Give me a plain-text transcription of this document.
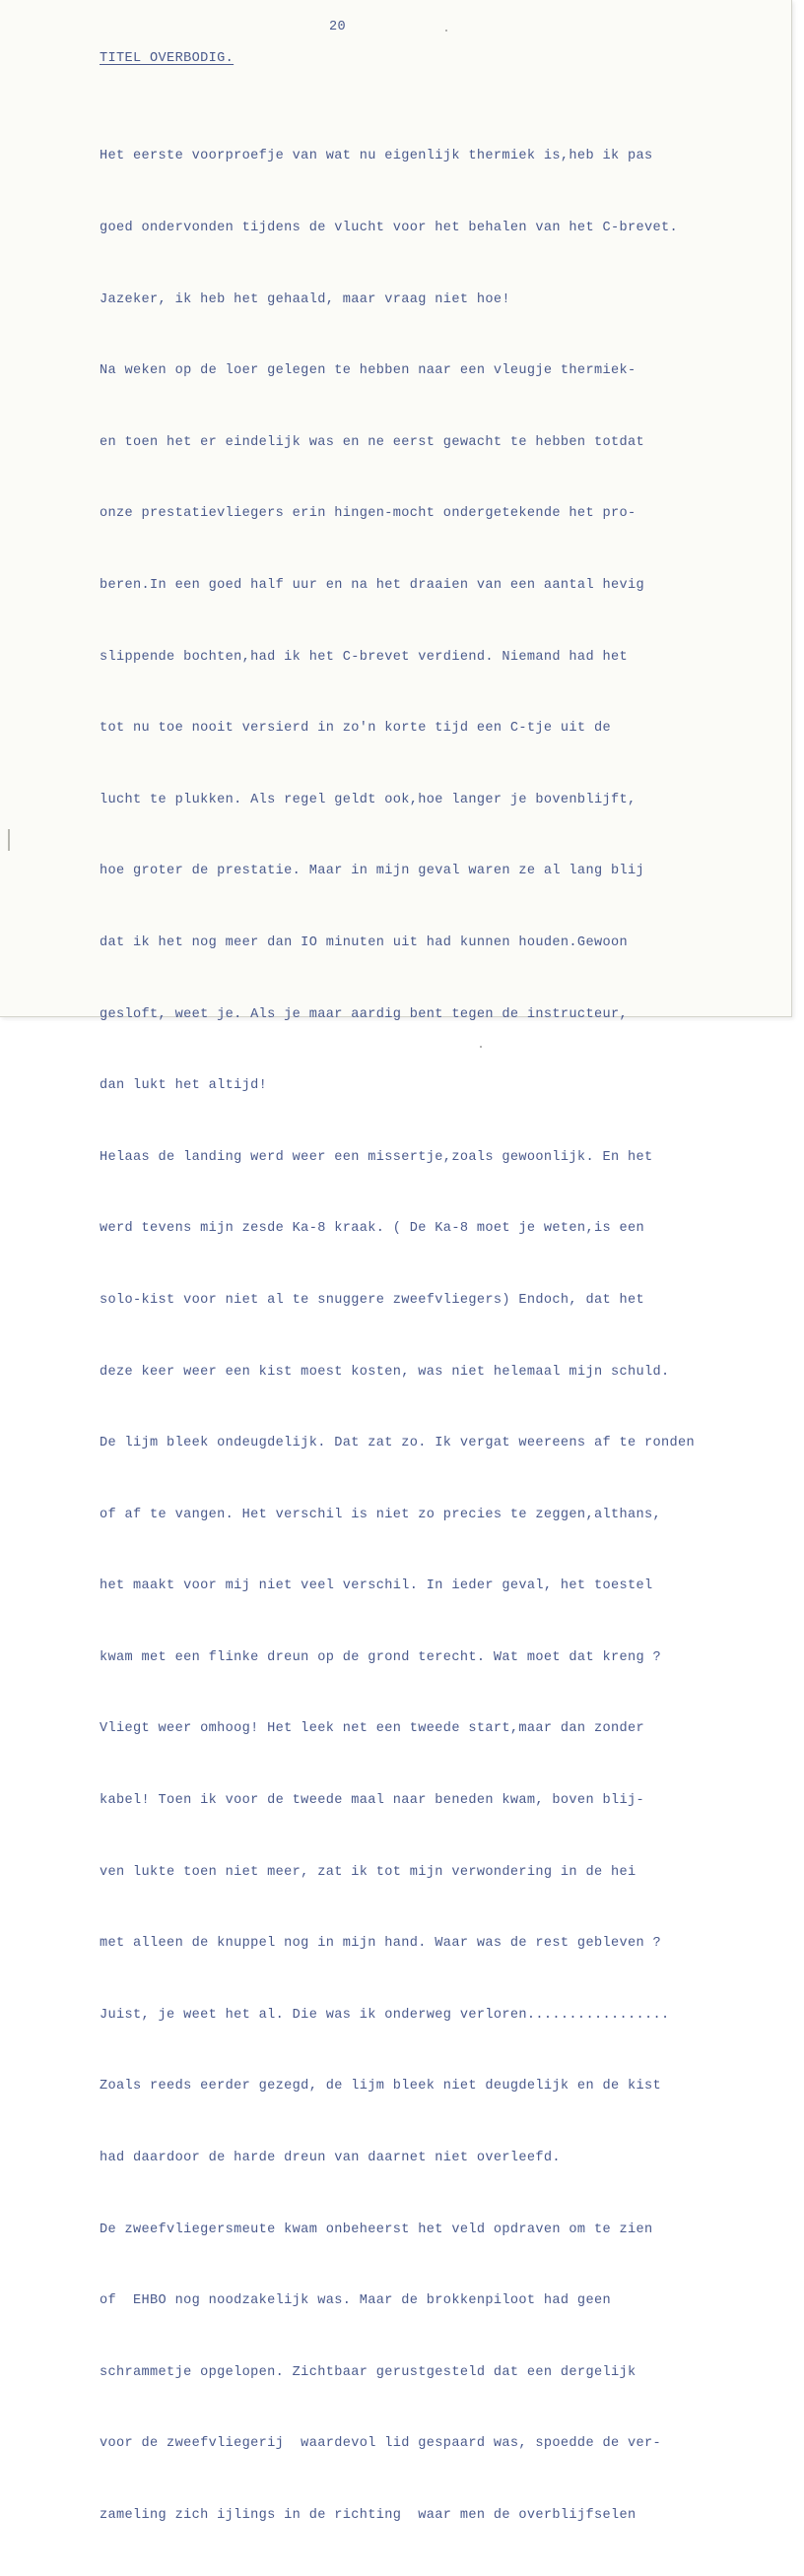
20
TITEL OVERBODIG.

Het eerste voorproefje van wat nu eigenlijk thermiek is,heb ik pas

goed ondervonden tijdens de vlucht voor het behalen van het C-brevet.

Jazeker, ik heb het gehaald, maar vraag niet hoe!

Na weken op de loer gelegen te hebben naar een vleugje thermiek-

en toen het er eindelijk was en ne eerst gewacht te hebben totdat

onze prestatievliegers erin hingen-mocht ondergetekende het pro-

beren.In een goed half uur en na het draaien van een aantal hevig

slippende bochten,had ik het C-brevet verdiend. Niemand had het

tot nu toe nooit versierd in zo'n korte tijd een C-tje uit de

lucht te plukken. Als regel geldt ook,hoe langer je bovenblijft,

hoe groter de prestatie. Maar in mijn geval waren ze al lang blij

dat ik het nog meer dan IO minuten uit had kunnen houden.Gewoon

gesloft, weet je. Als je maar aardig bent tegen de instructeur,

dan lukt het altijd!

Helaas de landing werd weer een missertje,zoals gewoonlijk. En het

werd tevens mijn zesde Ka-8 kraak. ( De Ka-8 moet je weten,is een

solo-kist voor niet al te snuggere zweefvliegers) Endoch, dat het

deze keer weer een kist moest kosten, was niet helemaal mijn schuld.

De lijm bleek ondeugdelijk. Dat zat zo. Ik vergat weereens af te ronden

of af te vangen. Het verschil is niet zo precies te zeggen,althans,

het maakt voor mij niet veel verschil. In ieder geval, het toestel

kwam met een flinke dreun op de grond terecht. Wat moet dat kreng ?

Vliegt weer omhoog! Het leek net een tweede start,maar dan zonder

kabel! Toen ik voor de tweede maal naar beneden kwam, boven blij-

ven lukte toen niet meer, zat ik tot mijn verwondering in de hei

met alleen de knuppel nog in mijn hand. Waar was de rest gebleven ?

Juist, je weet het al. Die was ik onderweg verloren.................

Zoals reeds eerder gezegd, de lijm bleek niet deugdelijk en de kist

had daardoor de harde dreun van daarnet niet overleefd.

De zweefvliegersmeute kwam onbeheerst het veld opdraven om te zien

of  EHBO nog noodzakelijk was. Maar de brokkenpiloot had geen

schrammetje opgelopen. Zichtbaar gerustgesteld dat een dergelijk

voor de zweefvliegerij  waardevol lid gespaard was, spoedde de ver-

zameling zich ijlings in de richting  waar men de overblijfselen
